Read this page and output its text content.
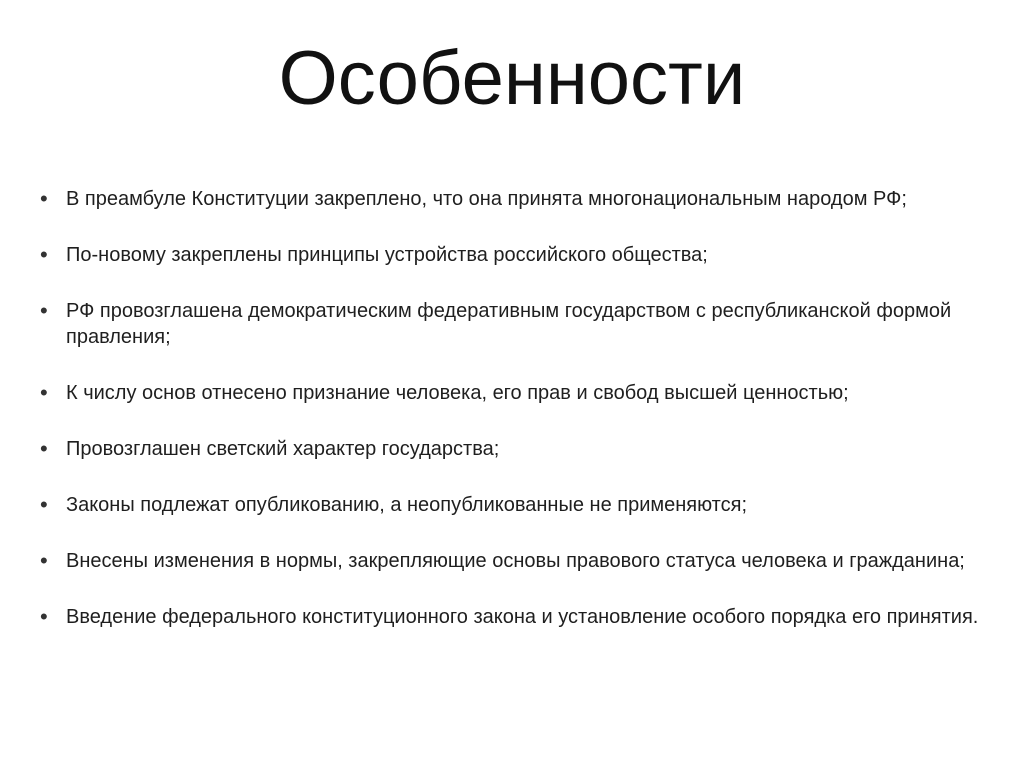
Особенности
• В преамбуле Конституции закреплено, что она принята многонациональным народом РФ;
• По-новому закреплены принципы устройства российского общества;
• РФ провозглашена демократическим федеративным государством с республиканской формой правления;
• К числу основ отнесено признание человека, его прав и свобод высшей ценностью;
• Провозглашен светский характер государства;
• Законы подлежат опубликованию, а неопубликованные не применяются;
• Внесены изменения в нормы, закрепляющие основы правового статуса человека и гражданина;
• Введение федерального конституционного закона и установление особого порядка его принятия.
